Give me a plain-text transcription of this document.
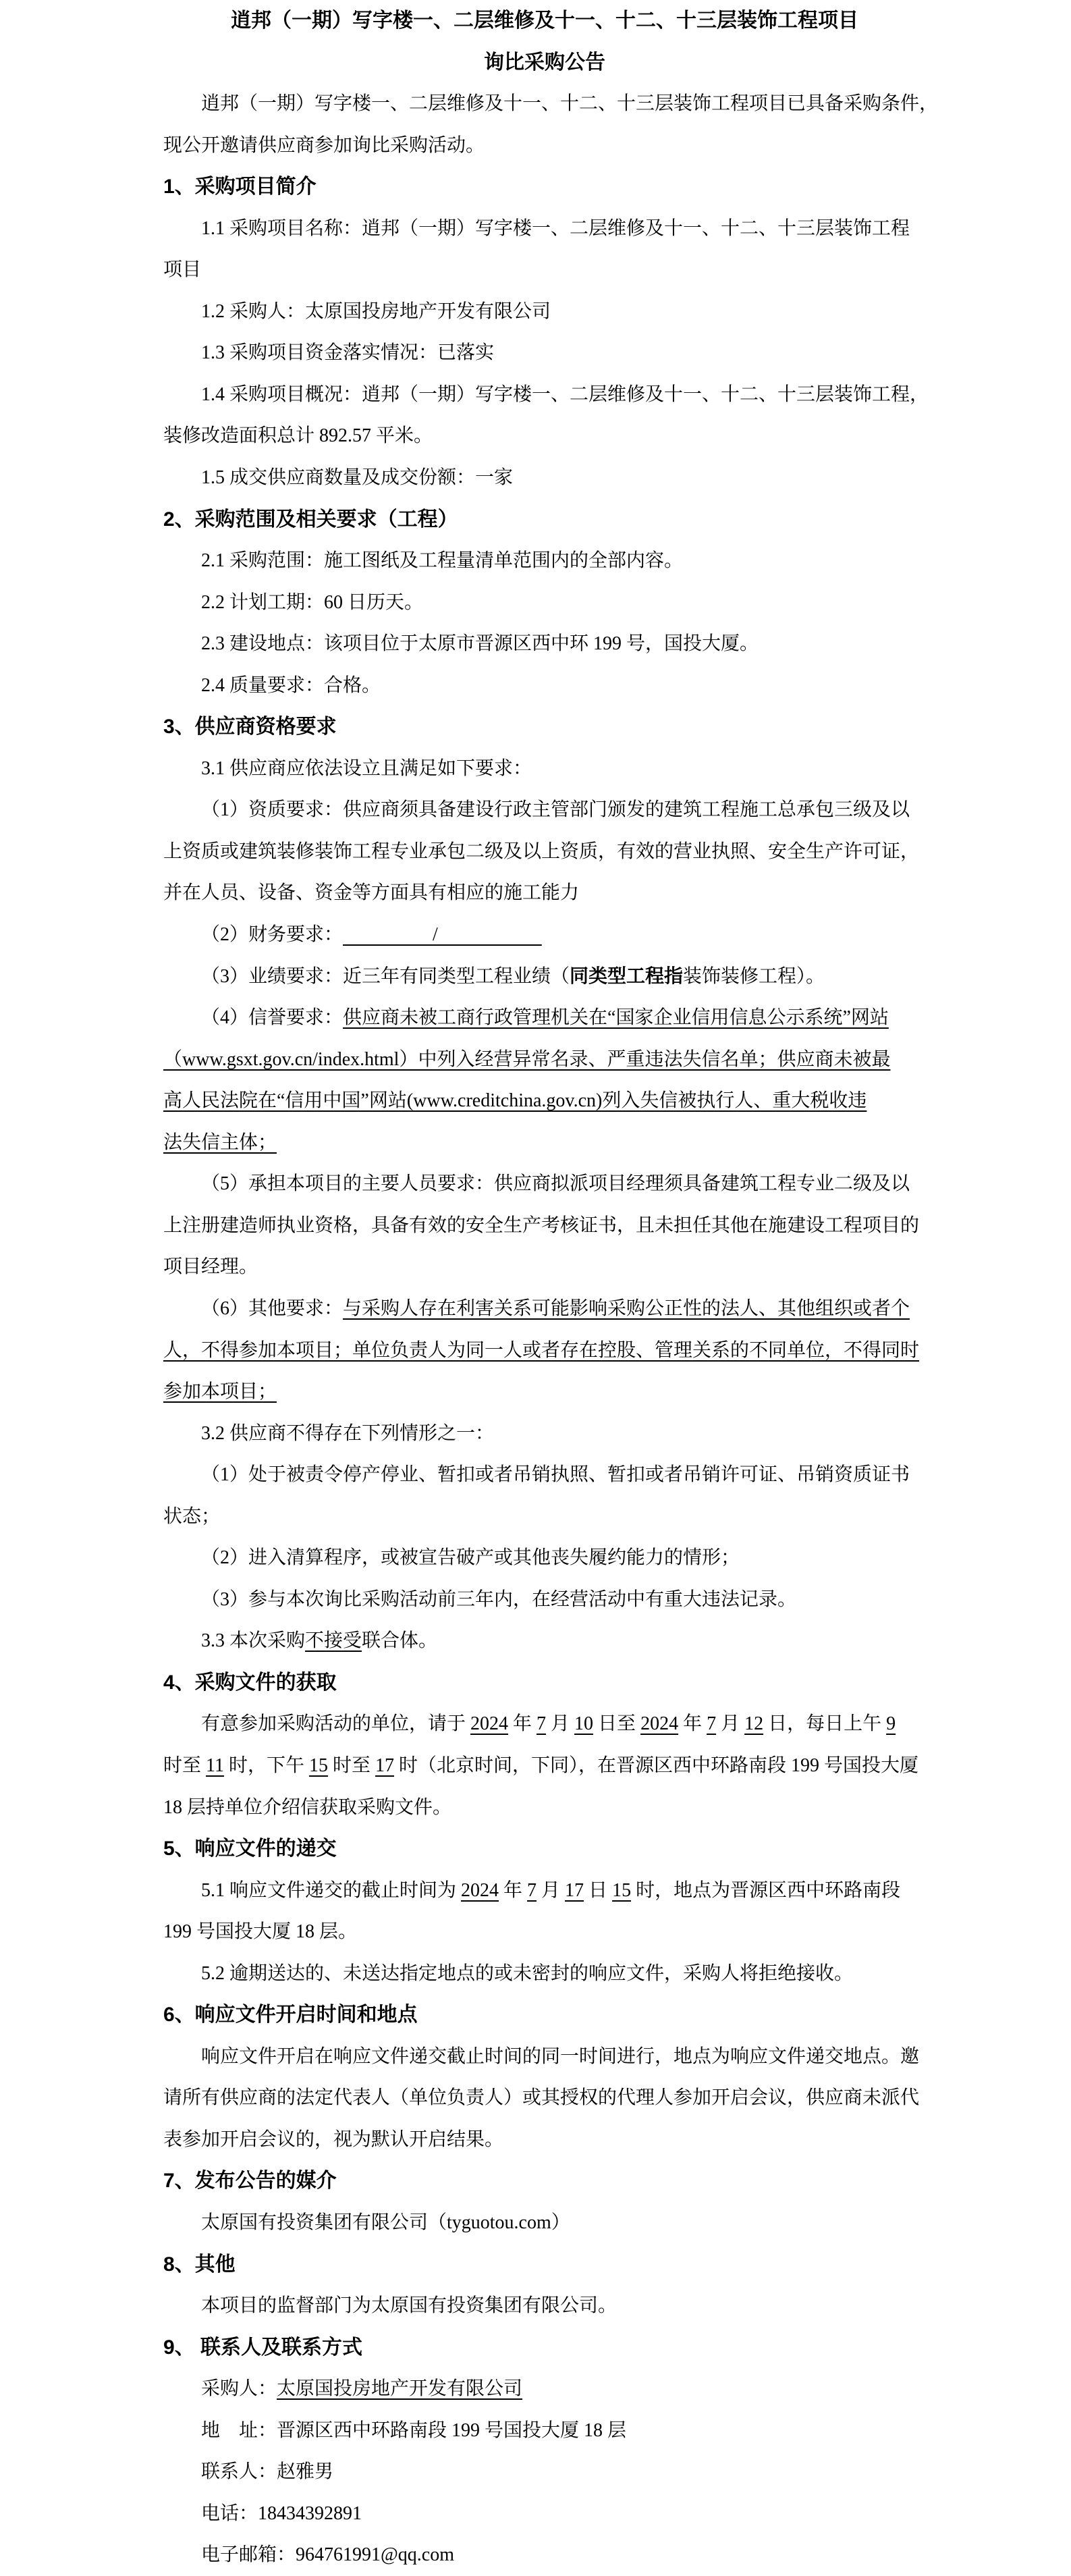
逍邦（一期）写字楼一、二层维修及十一、十二、十三层装饰工程项目
询比采购公告
逍邦（一期）写字楼一、二层维修及十一、十二、十三层装饰工程项目已具备采购条件，
现公开邀请供应商参加询比采购活动。
1、采购项目简介
1.1 采购项目名称：逍邦（一期）写字楼一、二层维修及十一、十二、十三层装饰工程
项目
1.2 采购人：太原国投房地产开发有限公司
1.3 采购项目资金落实情况：已落实
1.4 采购项目概况：逍邦（一期）写字楼一、二层维修及十一、十二、十三层装饰工程，
装修改造面积总计 892.57 平米。
1.5 成交供应商数量及成交份额：一家
2、采购范围及相关要求（工程）
2.1 采购范围：施工图纸及工程量清单范围内的全部内容。
2.2 计划工期：60 日历天。
2.3 建设地点：该项目位于太原市晋源区西中环 199 号，国投大厦。
2.4 质量要求：合格。
3、供应商资格要求
3.1 供应商应依法设立且满足如下要求：
（1）资质要求：供应商须具备建设行政主管部门颁发的建筑工程施工总承包三级及以
上资质或建筑装修装饰工程专业承包二级及以上资质，有效的营业执照、安全生产许可证，
并在人员、设备、资金等方面具有相应的施工能力
（2）财务要求：                   /
（3）业绩要求：近三年有同类型工程业绩（同类型工程指装饰装修工程）。
（4）信誉要求：供应商未被工商行政管理机关在“国家企业信用信息公示系统”网站
（www.gsxt.gov.cn/index.html）中列入经营异常名录、严重违法失信名单；供应商未被最
高人民法院在“信用中国”网站(www.creditchina.gov.cn)列入失信被执行人、重大税收违
法失信主体；
（5）承担本项目的主要人员要求：供应商拟派项目经理须具备建筑工程专业二级及以
上注册建造师执业资格，具备有效的安全生产考核证书，且未担任其他在施建设工程项目的
项目经理。
（6）其他要求：与采购人存在利害关系可能影响采购公正性的法人、其他组织或者个
人，不得参加本项目；单位负责人为同一人或者存在控股、管理关系的不同单位，不得同时
参加本项目；
3.2 供应商不得存在下列情形之一：
（1）处于被责令停产停业、暂扣或者吊销执照、暂扣或者吊销许可证、吊销资质证书
状态；
（2）进入清算程序，或被宣告破产或其他丧失履约能力的情形；
（3）参与本次询比采购活动前三年内，在经营活动中有重大违法记录。
3.3 本次采购不接受联合体。
4、采购文件的获取
有意参加采购活动的单位，请于 2024 年 7 月 10 日至 2024 年 7 月 12 日，每日上午 9
时至 11 时，下午 15 时至 17 时（北京时间，下同），在晋源区西中环路南段 199 号国投大厦
18 层持单位介绍信获取采购文件。
5、响应文件的递交
5.1 响应文件递交的截止时间为 2024 年 7 月 17 日 15 时，地点为晋源区西中环路南段
199 号国投大厦 18 层。
5.2 逾期送达的、未送达指定地点的或未密封的响应文件，采购人将拒绝接收。
6、响应文件开启时间和地点
响应文件开启在响应文件递交截止时间的同一时间进行，地点为响应文件递交地点。邀
请所有供应商的法定代表人（单位负责人）或其授权的代理人参加开启会议，供应商未派代
表参加开启会议的，视为默认开启结果。
7、发布公告的媒介
太原国有投资集团有限公司（tyguotou.com）
8、其他
本项目的监督部门为太原国有投资集团有限公司。
9、 联系人及联系方式
采购人：太原国投房地产开发有限公司
地　址：晋源区西中环路南段 199 号国投大厦 18 层
联系人：赵雅男
电话：18434392891
电子邮箱：964761991@qq.com
